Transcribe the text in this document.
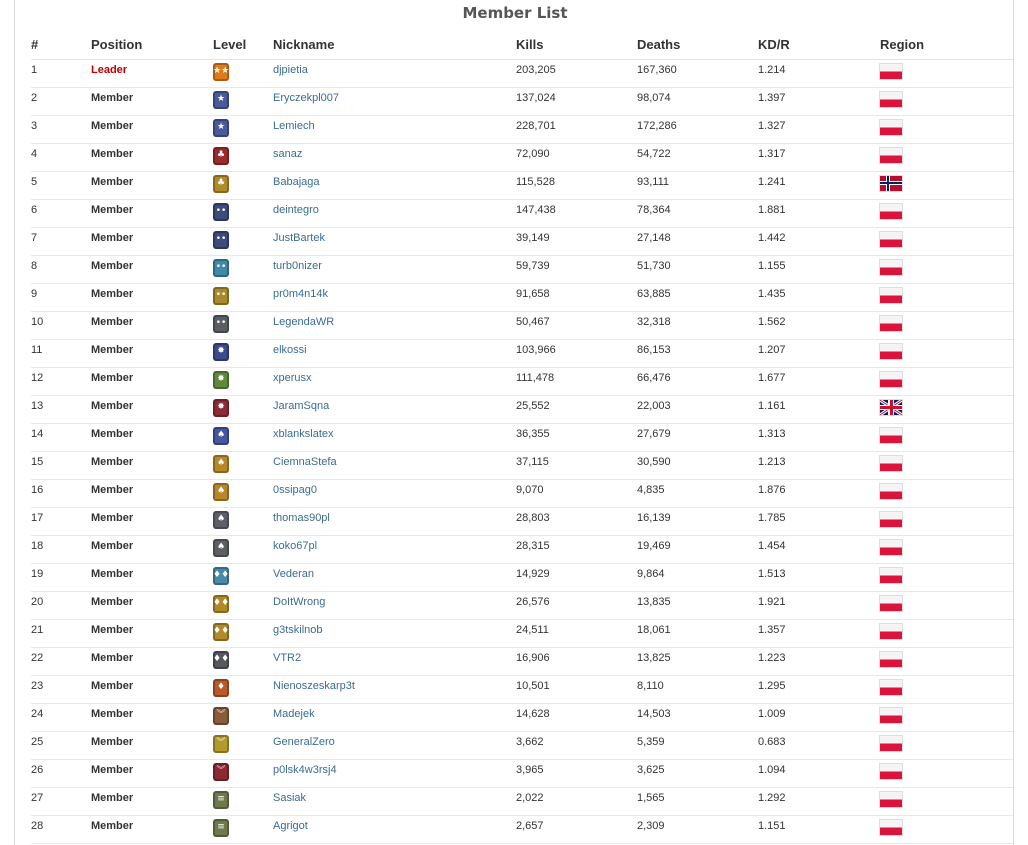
Member List
#	Position	Level	Nickname	Kills	Deaths	KD/R	Region
1	Leader	★★	djpietia	203,205	167,360	1.214	
2	Member	★	Eryczekpl007	137,024	98,074	1.397	
3	Member	★	Lemiech	228,701	172,286	1.327	
4	Member	♣	sanaz	72,090	54,722	1.317	
5	Member	♣	Babajaga	115,528	93,111	1.241	

6	Member	••	deintegro	147,438	78,364	1.881	
7	Member	••	JustBartek	39,149	27,148	1.442	
8	Member	••	turb0nizer	59,739	51,730	1.155	
9	Member	••	pr0m4n14k	91,658	63,885	1.435	
10	Member	••	LegendaWR	50,467	32,318	1.562	
11	Member	✸	elkossi	103,966	86,153	1.207	
12	Member	✸	xperusx	111,478	66,476	1.677	
13	Member	✸	JaramSqna	25,552	22,003	1.161	

14	Member	♠	xblankslatex	36,355	27,679	1.313	
15	Member	♠	CiemnaStefa	37,115	30,590	1.213	
16	Member	♠	0ssipag0	9,070	4,835	1.876	
17	Member	♠	thomas90pl	28,803	16,139	1.785	
18	Member	♠	koko67pl	28,315	19,469	1.454	
19	Member	♦♦	Vederan	14,929	9,864	1.513	
20	Member	♦♦	DoItWrong	26,576	13,835	1.921	
21	Member	♦♦	g3tskilnob	24,511	18,061	1.357	
22	Member	♦♦	VTR2	16,906	13,825	1.223	
23	Member	♦	Nienoszeskarp3t	10,501	8,110	1.295	
24	Member	︾	Madejek	14,628	14,503	1.009	
25	Member	︾	GeneralZero	3,662	5,359	0.683	
26	Member	︾	p0lsk4w3rsj4	3,965	3,625	1.094	
27	Member	≡	Sasiak	2,022	1,565	1.292	
28	Member	≡	Agrigot	2,657	2,309	1.151	
